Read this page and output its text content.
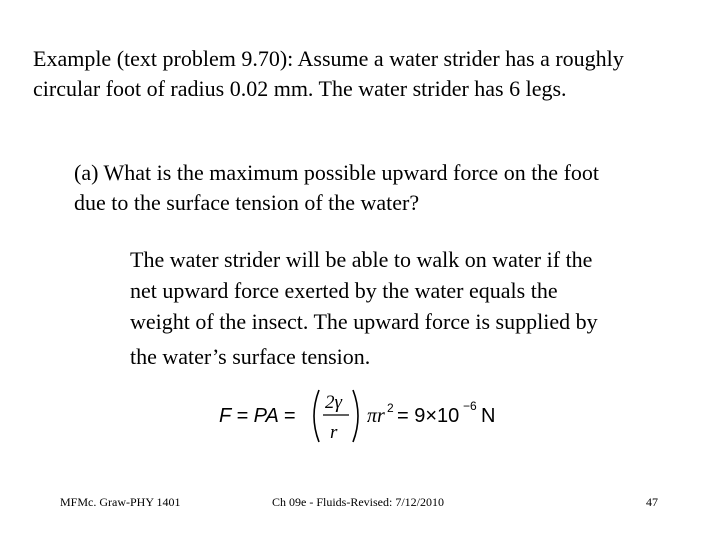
Example (text problem 9.70): Assume a water strider has a roughly
circular foot of radius 0.02 mm. The water strider has 6 legs.
(a) What is the maximum possible upward force on the foot
due to the surface tension of the water?
The water strider will be able to walk on water if the
net upward force exerted by the water equals the
weight of the insect. The upward force is supplied by
the water’s surface tension.
F = PA =
2γ
r
πr 2 = 9×10 −6 N
MFMc. Graw-PHY 1401	Ch 09e - Fluids-Revised: 7/12/2010	47
